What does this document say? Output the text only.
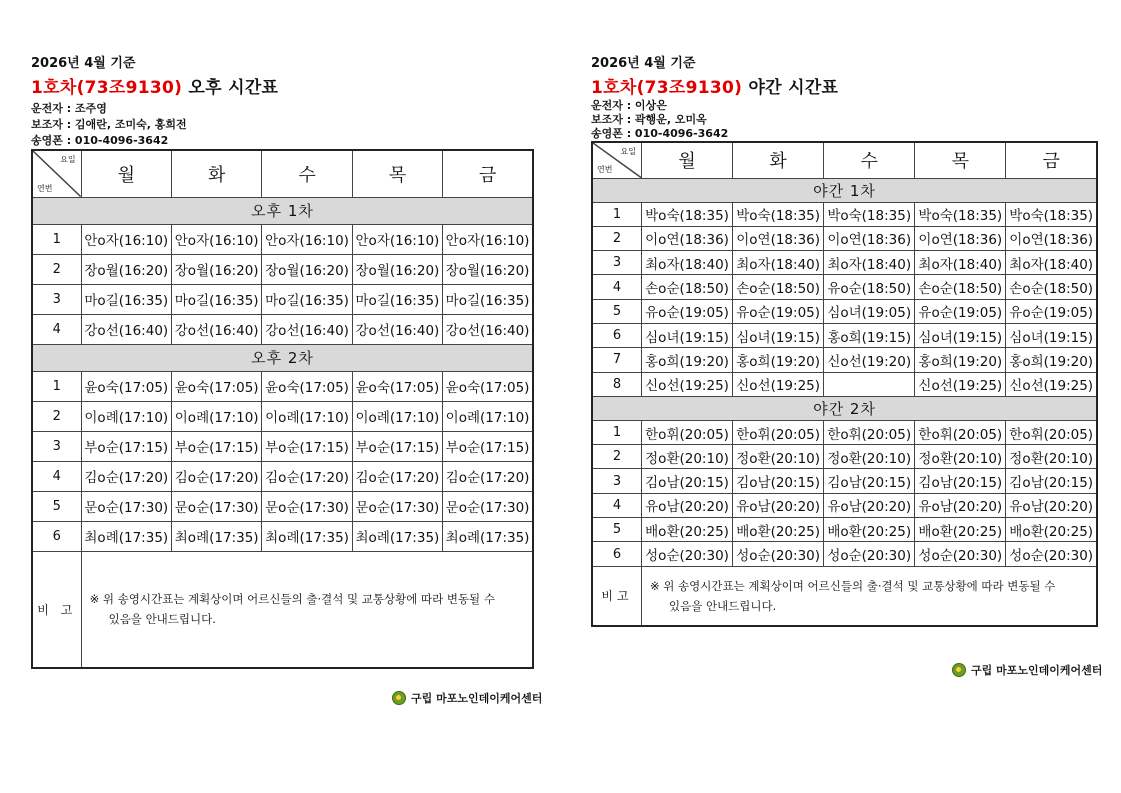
2026년 4월 기준
1호차(73조9130) 오후 시간표
운전자 : 조주영
보조자 : 김애란, 조미숙, 홍희전
송영폰 : 010-4096-3642
요일
연번	월	화	수	목	금
오후 1차					
1	안o자(16:10)	안o자(16:10)	안o자(16:10)	안o자(16:10)	안o자(16:10)
2	장o월(16:20)	장o월(16:20)	장o월(16:20)	장o월(16:20)	장o월(16:20)
3	마o길(16:35)	마o길(16:35)	마o길(16:35)	마o길(16:35)	마o길(16:35)
4	강o선(16:40)	강o선(16:40)	강o선(16:40)	강o선(16:40)	강o선(16:40)
오후 2차					
1	윤o숙(17:05)	윤o숙(17:05)	윤o숙(17:05)	윤o숙(17:05)	윤o숙(17:05)
2	이o례(17:10)	이o례(17:10)	이o례(17:10)	이o례(17:10)	이o례(17:10)
3	부o순(17:15)	부o순(17:15)	부o순(17:15)	부o순(17:15)	부o순(17:15)
4	김o순(17:20)	김o순(17:20)	김o순(17:20)	김o순(17:20)	김o순(17:20)
5	문o순(17:30)	문o순(17:30)	문o순(17:30)	문o순(17:30)	문o순(17:30)
6	최o례(17:35)	최o례(17:35)	최o례(17:35)	최o례(17:35)	최o례(17:35)
비 고	※ 위 송영시간표는 계획상이며 어르신들의 출·결석 및 교통상황에 따라 변동될 수
있음을 안내드립니다.				
구립 마포노인데이케어센터
2026년 4월 기준
1호차(73조9130) 야간 시간표
운전자 : 이상은
보조자 : 곽행운, 오미옥
송영폰 : 010-4096-3642
요일
연번	월	화	수	목	금
야간 1차					
1	박o숙(18:35)	박o숙(18:35)	박o숙(18:35)	박o숙(18:35)	박o숙(18:35)
2	이o연(18:36)	이o연(18:36)	이o연(18:36)	이o연(18:36)	이o연(18:36)
3	최o자(18:40)	최o자(18:40)	최o자(18:40)	최o자(18:40)	최o자(18:40)
4	손o순(18:50)	손o순(18:50)	유o순(18:50)	손o순(18:50)	손o순(18:50)
5	유o순(19:05)	유o순(19:05)	심o녀(19:05)	유o순(19:05)	유o순(19:05)
6	심o녀(19:15)	심o녀(19:15)	홍o희(19:15)	심o녀(19:15)	심o녀(19:15)
7	홍o희(19:20)	홍o희(19:20)	신o선(19:20)	홍o희(19:20)	홍o희(19:20)
8	신o선(19:25)	신o선(19:25)		신o선(19:25)	신o선(19:25)
야간 2차					
1	한o휘(20:05)	한o휘(20:05)	한o휘(20:05)	한o휘(20:05)	한o휘(20:05)
2	정o환(20:10)	정o환(20:10)	정o환(20:10)	정o환(20:10)	정o환(20:10)
3	김o남(20:15)	김o남(20:15)	김o남(20:15)	김o남(20:15)	김o남(20:15)
4	유o남(20:20)	유o남(20:20)	유o남(20:20)	유o남(20:20)	유o남(20:20)
5	배o환(20:25)	배o환(20:25)	배o환(20:25)	배o환(20:25)	배o환(20:25)
6	성o순(20:30)	성o순(20:30)	성o순(20:30)	성o순(20:30)	성o순(20:30)
비고	※ 위 송영시간표는 계획상이며 어르신들의 출·결석 및 교통상황에 따라 변동될 수
있음을 안내드립니다.				
구립 마포노인데이케어센터
